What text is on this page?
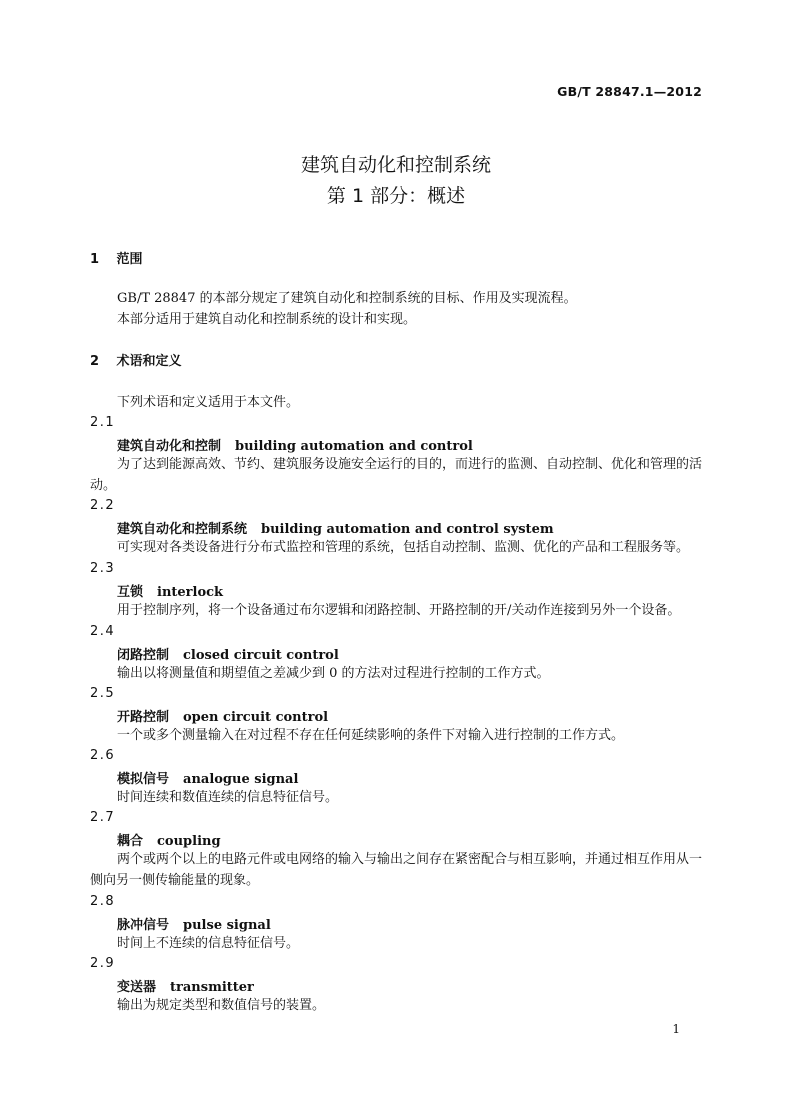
GB/T 28847.1—2012
建筑自动化和控制系统
第 1 部分：概述
1 范围
GB/T 28847 的本部分规定了建筑自动化和控制系统的目标、作用及实现流程。
本部分适用于建筑自动化和控制系统的设计和实现。
2 术语和定义
下列术语和定义适用于本文件。
2.1
建筑自动化和控制 building automation and control
为了达到能源高效、节约、建筑服务设施安全运行的目的，而进行的监测、自动控制、优化和管理的活动。
2.2
建筑自动化和控制系统 building automation and control system
可实现对各类设备进行分布式监控和管理的系统，包括自动控制、监测、优化的产品和工程服务等。
2.3
互锁 interlock
用于控制序列，将一个设备通过布尔逻辑和闭路控制、开路控制的开/关动作连接到另外一个设备。
2.4
闭路控制 closed circuit control
输出以将测量值和期望值之差减少到 0 的方法对过程进行控制的工作方式。
2.5
开路控制 open circuit control
一个或多个测量输入在对过程不存在任何延续影响的条件下对输入进行控制的工作方式。
2.6
模拟信号 analogue signal
时间连续和数值连续的信息特征信号。
2.7
耦合 coupling
两个或两个以上的电路元件或电网络的输入与输出之间存在紧密配合与相互影响，并通过相互作用从一侧向另一侧传输能量的现象。
2.8
脉冲信号 pulse signal
时间上不连续的信息特征信号。
2.9
变送器 transmitter
输出为规定类型和数值信号的装置。
1
